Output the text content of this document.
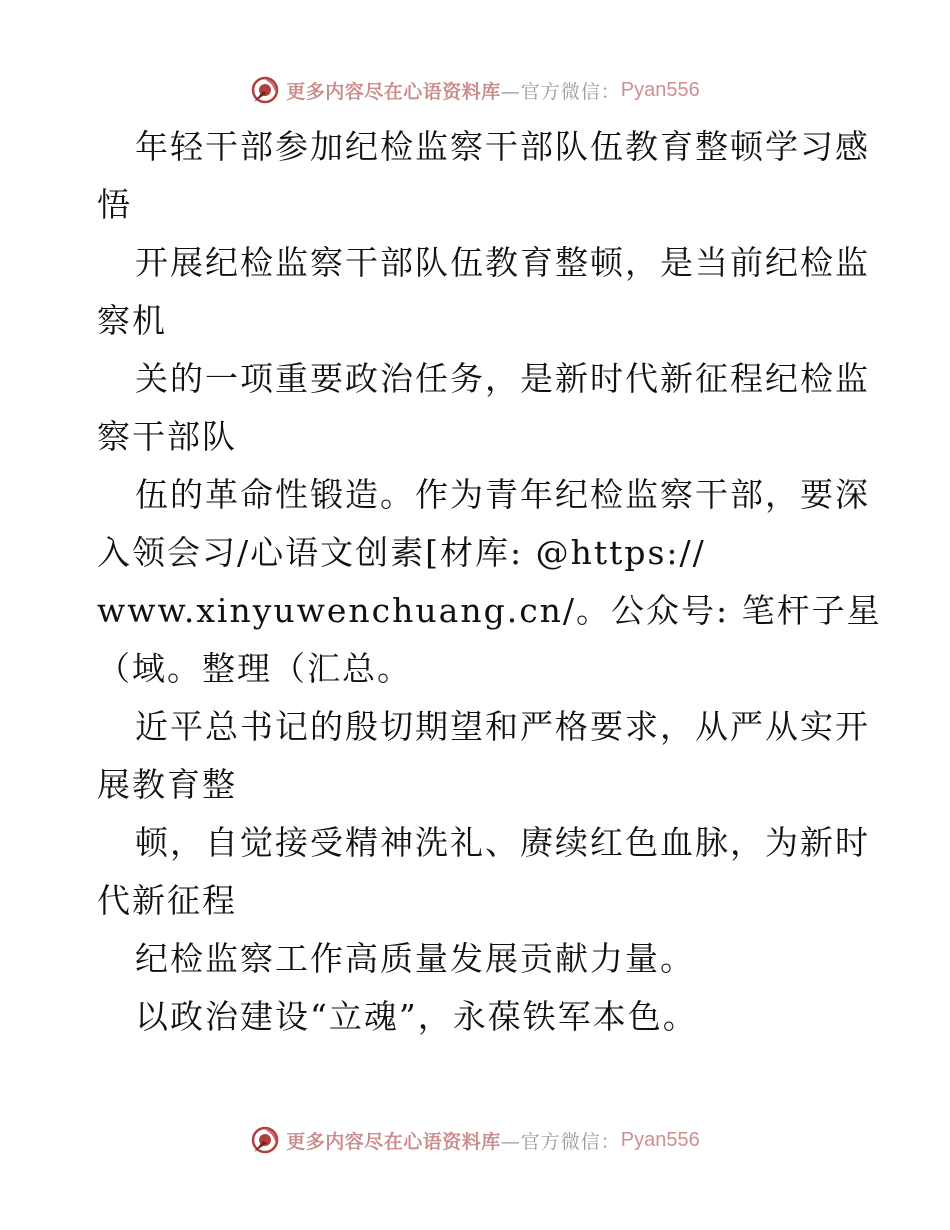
更多内容尽在心语资料库 —官方微信： Pyan556
年轻干部参加纪检监察干部队伍教育整顿学习感
悟
开展纪检监察干部队伍教育整顿，是当前纪检监
察机
关的一项重要政治任务，是新时代新征程纪检监
察干部队
伍的革命性锻造。作为青年纪检监察干部，要深
入领会习/心语文创素[材库: @https://
www.xinyuwenchuang.cn/。公众号: 笔杆子星
（域。整理（汇总。
近平总书记的殷切期望和严格要求，从严从实开
展教育整
顿，自觉接受精神洗礼、赓续红色血脉，为新时
代新征程
纪检监察工作高质量发展贡献力量。
以政治建设“立魂”，永葆铁军本色。
更多内容尽在心语资料库 —官方微信： Pyan556
